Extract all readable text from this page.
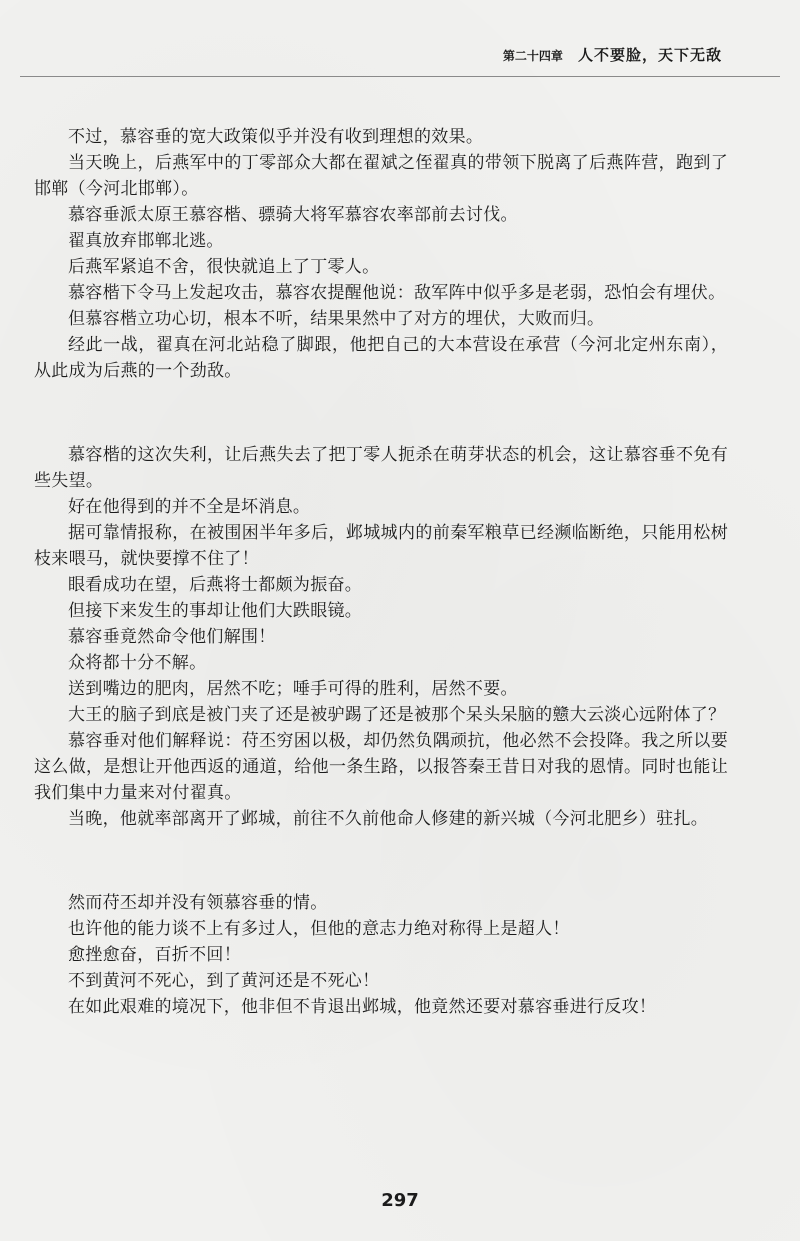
第二十四章 人不要脸，天下无敌

不过，慕容垂的宽大政策似乎并没有收到理想的效果。

当天晚上，后燕军中的丁零部众大都在翟斌之侄翟真的带领下脱离了后燕阵营，跑到了邯郸（今河北邯郸）。

慕容垂派太原王慕容楷、骠骑大将军慕容农率部前去讨伐。

翟真放弃邯郸北逃。

后燕军紧追不舍，很快就追上了丁零人。

慕容楷下令马上发起攻击，慕容农提醒他说：敌军阵中似乎多是老弱，恐怕会有埋伏。

但慕容楷立功心切，根本不听，结果果然中了对方的埋伏，大败而归。

经此一战，翟真在河北站稳了脚跟，他把自己的大本营设在承营（今河北定州东南），从此成为后燕的一个劲敌。

慕容楷的这次失利，让后燕失去了把丁零人扼杀在萌芽状态的机会，这让慕容垂不免有些失望。

好在他得到的并不全是坏消息。

据可靠情报称，在被围困半年多后，邺城城内的前秦军粮草已经濒临断绝，只能用松树枝来喂马，就快要撑不住了！

眼看成功在望，后燕将士都颇为振奋。

但接下来发生的事却让他们大跌眼镜。

慕容垂竟然命令他们解围！

众将都十分不解。

送到嘴边的肥肉，居然不吃；唾手可得的胜利，居然不要。

大王的脑子到底是被门夹了还是被驴踢了还是被那个呆头呆脑的戆大云淡心远附体了？

慕容垂对他们解释说：苻丕穷困以极，却仍然负隅顽抗，他必然不会投降。我之所以要这么做，是想让开他西返的通道，给他一条生路，以报答秦王昔日对我的恩情。同时也能让我们集中力量来对付翟真。

当晚，他就率部离开了邺城，前往不久前他命人修建的新兴城（今河北肥乡）驻扎。

然而苻丕却并没有领慕容垂的情。

也许他的能力谈不上有多过人，但他的意志力绝对称得上是超人！

愈挫愈奋，百折不回！

不到黄河不死心，到了黄河还是不死心！

在如此艰难的境况下，他非但不肯退出邺城，他竟然还要对慕容垂进行反攻！

297
